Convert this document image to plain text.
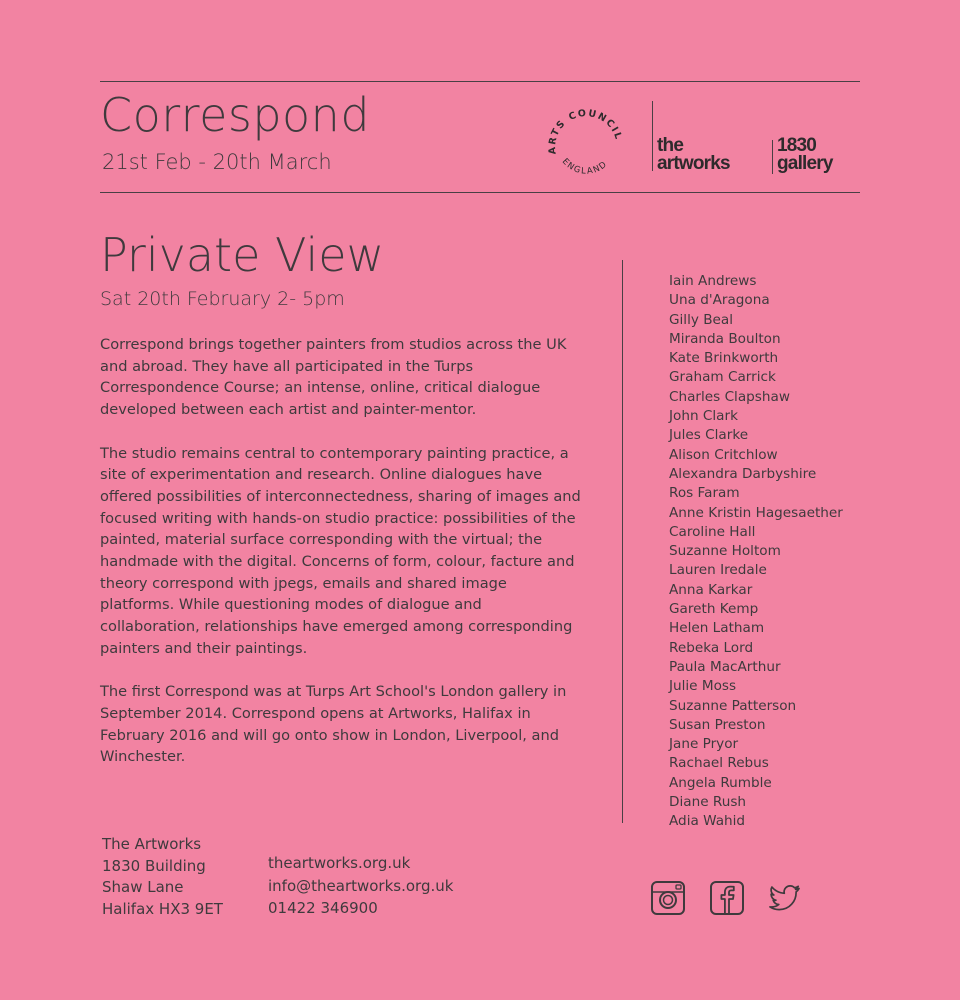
Correspond
21st Feb - 20th March
ARTS COUNCIL
ENGLAND
the
artworks
1830
gallery
Private View
Sat 20th February 2- 5pm

Correspond brings together painters from studios across the UK and abroad. They have all participated in the Turps Correspondence Course; an intense, online, critical dialogue developed between each artist and painter-mentor.

The studio remains central to contemporary painting practice, a site of experimentation and research. Online dialogues have offered possibilities of interconnectedness, sharing of images and focused writing with hands-on studio practice: possibilities of the painted, material surface corresponding with the virtual; the handmade with the digital. Concerns of form, colour, facture and theory correspond with jpegs, emails and shared image platforms. While questioning modes of dialogue and collaboration, relationships have emerged among corresponding painters and their paintings.

The first Correspond was at Turps Art School's London gallery in September 2014. Correspond opens at Artworks, Halifax in February 2016 and will go onto show in London, Liverpool, and Winchester.

Iain Andrews
Una d'Aragona
Gilly Beal
Miranda Boulton
Kate Brinkworth
Graham Carrick
Charles Clapshaw
John Clark
Jules Clarke
Alison Critchlow
Alexandra Darbyshire
Ros Faram
Anne Kristin Hagesaether
Caroline Hall
Suzanne Holtom
Lauren Iredale
Anna Karkar
Gareth Kemp
Helen Latham
Rebeka Lord
Paula MacArthur
Julie Moss
Suzanne Patterson
Susan Preston
Jane Pryor
Rachael Rebus
Angela Rumble
Diane Rush
Adia Wahid
The Artworks
1830 Building
Shaw Lane
Halifax HX3 9ET
theartworks.org.uk
info@theartworks.org.uk
01422 346900
